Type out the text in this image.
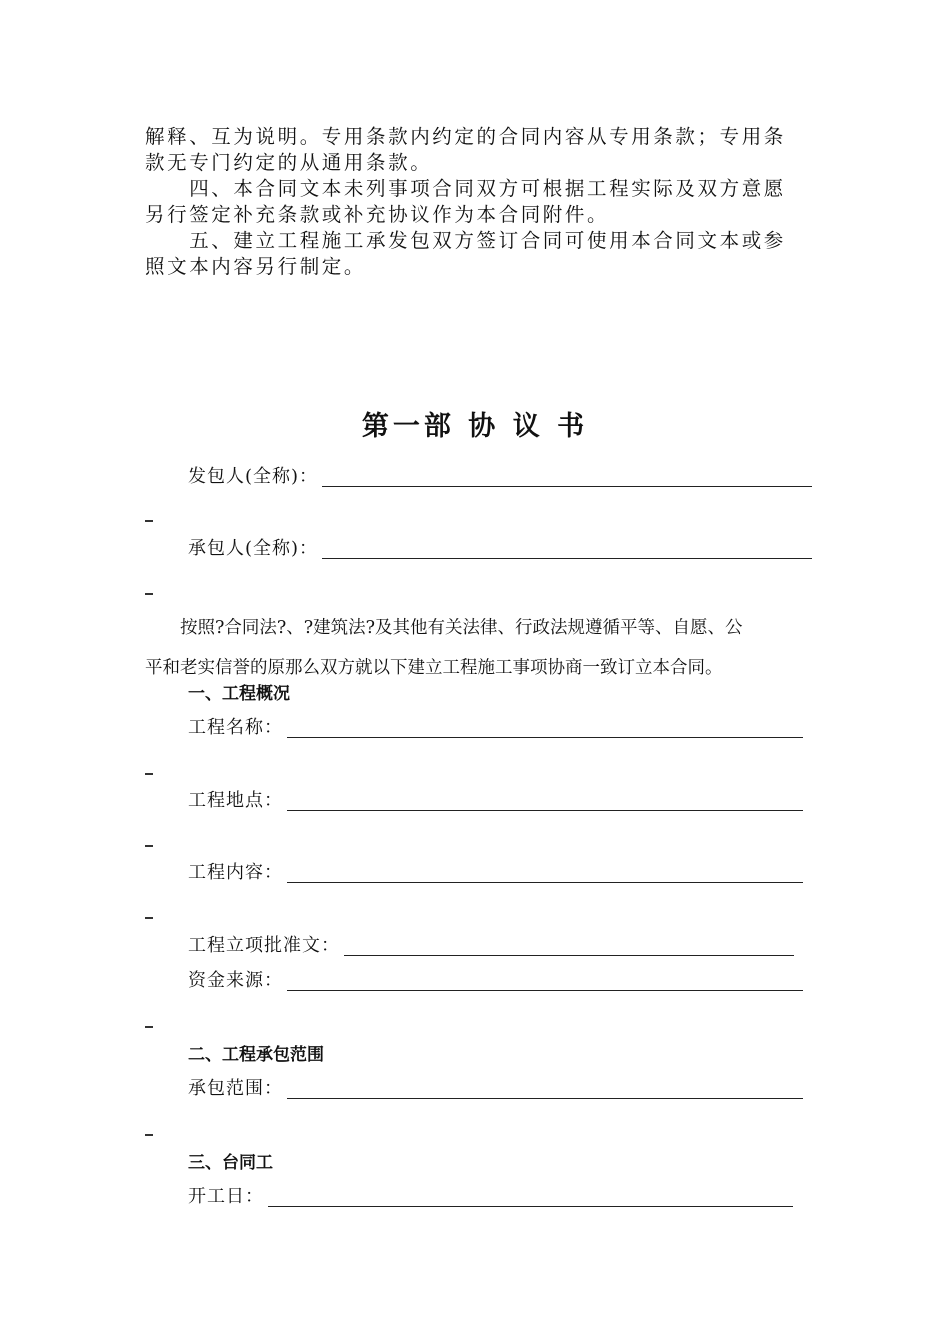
解释、互为说明。专用条款内约定的合同内容从专用条款；专用条
款无专门约定的从通用条款。
　　四、本合同文本未列事项合同双方可根据工程实际及双方意愿
另行签定补充条款或补充协议作为本合同附件。
　　五、建立工程施工承发包双方签订合同可使用本合同文本或参
照文本内容另行制定。
第一部 协 议 书
发包人(全称)：
承包人(全称)：
　　按照?合同法?、?建筑法?及其他有关法律、行政法规遵循平等、自愿、公
平和老实信誉的原那么双方就以下建立工程施工事项协商一致订立本合同。
一、工程概况
工程名称：
工程地点：
工程内容：
工程立项批准文：
资金来源：
二、工程承包范围
承包范围：
三、台同工
开工日：
